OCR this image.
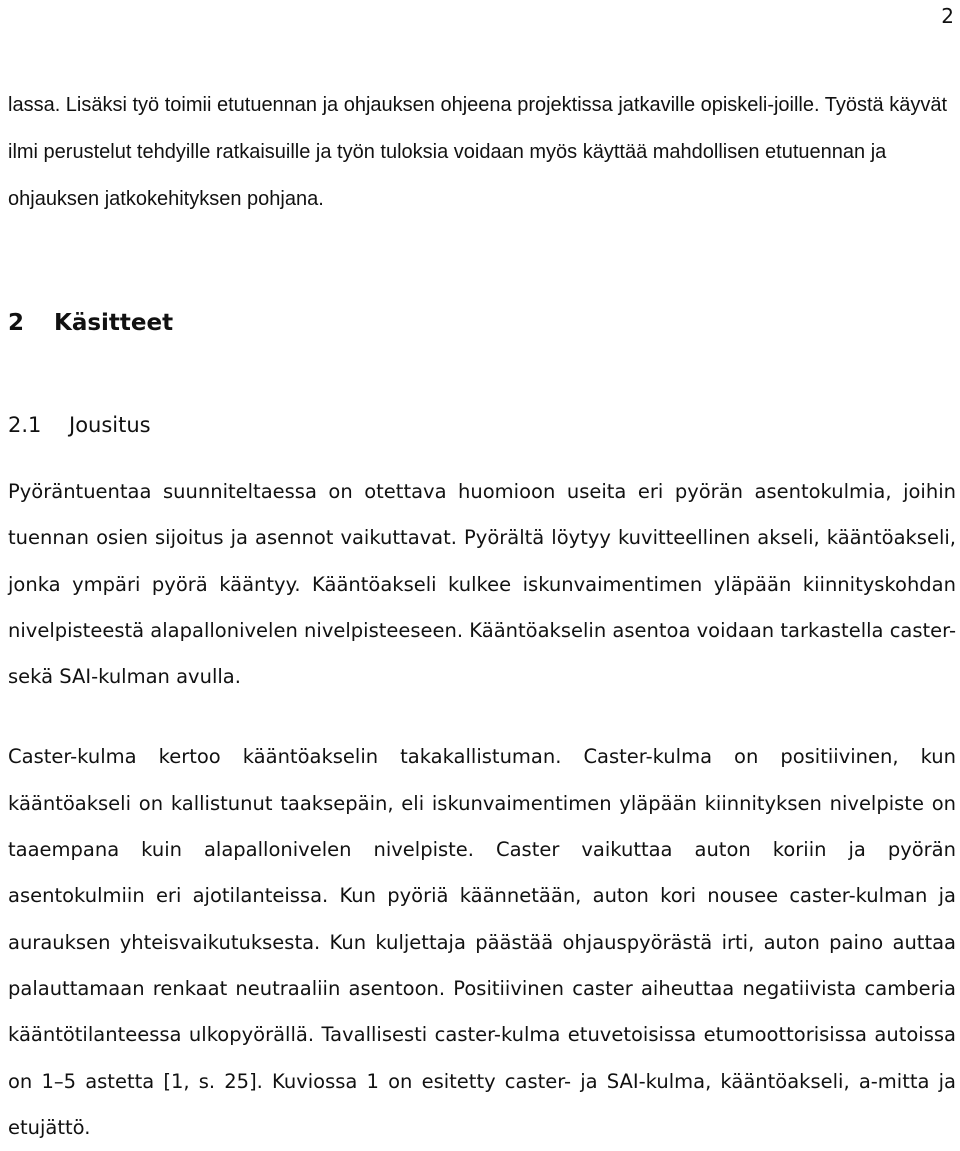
2

lassa. Lisäksi työ toimii etutuennan ja ohjauksen ohjeena projektissa jatkaville opiskeli-joille. Työstä käyvät ilmi perustelut tehdyille ratkaisuille ja työn tuloksia voidaan myös käyttää mahdollisen etutuennan ja ohjauksen jatkokehityksen pohjana.

2 Käsitteet
2.1 Jousitus

Pyöräntuentaa suunniteltaessa on otettava huomioon useita eri pyörän asentokulmia, joihin tuennan osien sijoitus ja asennot vaikuttavat. Pyörältä löytyy kuvitteellinen akseli, kääntöakseli, jonka ympäri pyörä kääntyy. Kääntöakseli kulkee iskunvaimentimen yläpään kiinnityskohdan nivelpisteestä alapallonivelen nivelpisteeseen. Kääntöakselin asentoa voidaan tarkastella caster- sekä SAI-kulman avulla.

Caster-kulma kertoo kääntöakselin takakallistuman. Caster-kulma on positiivinen, kun kääntöakseli on kallistunut taaksepäin, eli iskunvaimentimen yläpään kiinnityksen nivelpiste on taaempana kuin alapallonivelen nivelpiste. Caster vaikuttaa auton koriin ja pyörän asentokulmiin eri ajotilanteissa. Kun pyöriä käännetään, auton kori nousee caster-kulman ja aurauksen yhteisvaikutuksesta. Kun kuljettaja päästää ohjauspyörästä irti, auton paino auttaa palauttamaan renkaat neutraaliin asentoon. Positiivinen caster aiheuttaa negatiivista camberia kääntötilanteessa ulkopyörällä. Tavallisesti caster-kulma etuvetoisissa etumoottorisissa autoissa on 1–5 astetta [1, s. 25]. Kuviossa 1 on esitetty caster- ja SAI-kulma, kääntöakseli, a-mitta ja etujättö.
